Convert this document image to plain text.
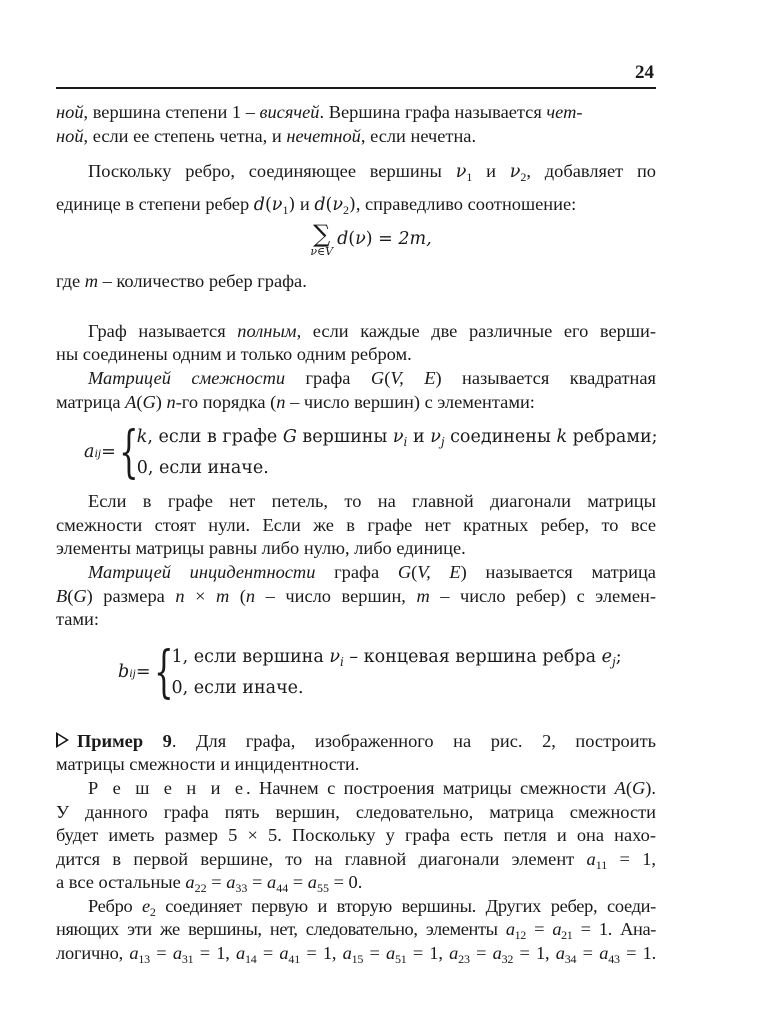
24

ной, вершина степени 1 – висячей. Вершина графа называется чет-
ной, если ее степень четна, и нечетной, если нечетна.

Поскольку ребро, соединяющее вершины $\nu_1$ и $\nu_2$, добавляет по

единице в степени ребер $d(\nu_1)$ и $d(\nu_2)$, справедливо соотношение:

∑
ν∈V
d(ν) = 2m,

где m – количество ребер графа.

Граф называется полным, если каждые две различные его верши-

ны соединены одним и только одним ребром.

Матрицей смежности графа G(V, E) называется квадратная

матрица A(G) n-го порядка (n – число вершин) с элементами:

a ij = {
k, если в графе G вершины $\nu_i$ и $\nu_j$ соединены k ребрами;
0, если иначе.

Если в графе нет петель, то на главной диагонали матрицы

смежности стоят нули. Если же в графе нет кратных ребер, то все

элементы матрицы равны либо нулю, либо единице.

Матрицей инцидентности графа G(V, E) называется матрица

B(G) размера n × m (n – число вершин, m – число ребер) с элемен-

тами:

b ij = {
1, если вершина $\nu_i$ – концевая вершина ребра $e_j$;
0, если иначе.

Пример 9. Для графа, изображенного на рис. 2, построить

матрицы смежности и инцидентности.

Р е ш е н и е. Начнем с построения матрицы смежности A(G).

У данного графа пять вершин, следовательно, матрица смежности

будет иметь размер 5 × 5. Поскольку у графа есть петля и она нахо-

дится в первой вершине, то на главной диагонали элемент $a_{11} = 1$,

а все остальные $a_{22} = a_{33} = a_{44} = a_{55} = 0$.

Ребро $e_2$ соединяет первую и вторую вершины. Других ребер, соеди-

няющих эти же вершины, нет, следовательно, элементы $a_{12} = a_{21} = 1$. Ана-

логично, $a_{13} = a_{31} = 1$, $a_{14} = a_{41} = 1$, $a_{15} = a_{51} = 1$, $a_{23} = a_{32} = 1$, $a_{34} = a_{43} = 1$.
